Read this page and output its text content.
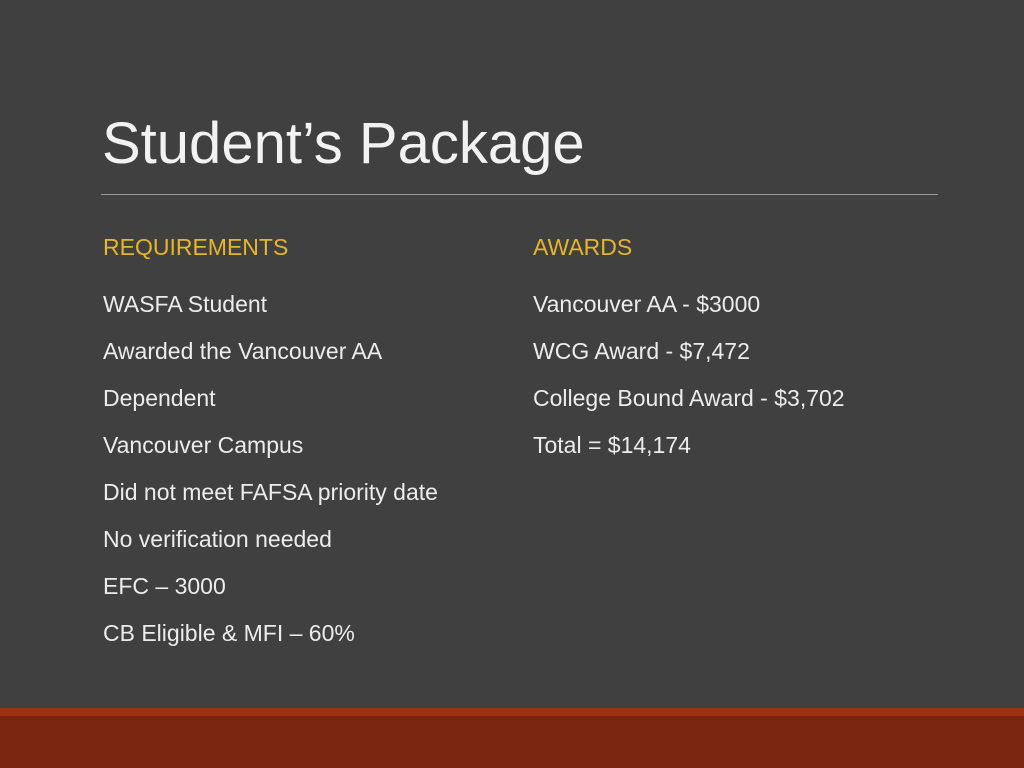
Student’s Package
REQUIREMENTS
WASFA Student
Awarded the Vancouver AA
Dependent
Vancouver Campus
Did not meet FAFSA priority date
No verification needed
EFC – 3000
CB Eligible & MFI – 60%
AWARDS
Vancouver AA - $3000
WCG Award - $7,472
College Bound Award - $3,702
Total = $14,174
